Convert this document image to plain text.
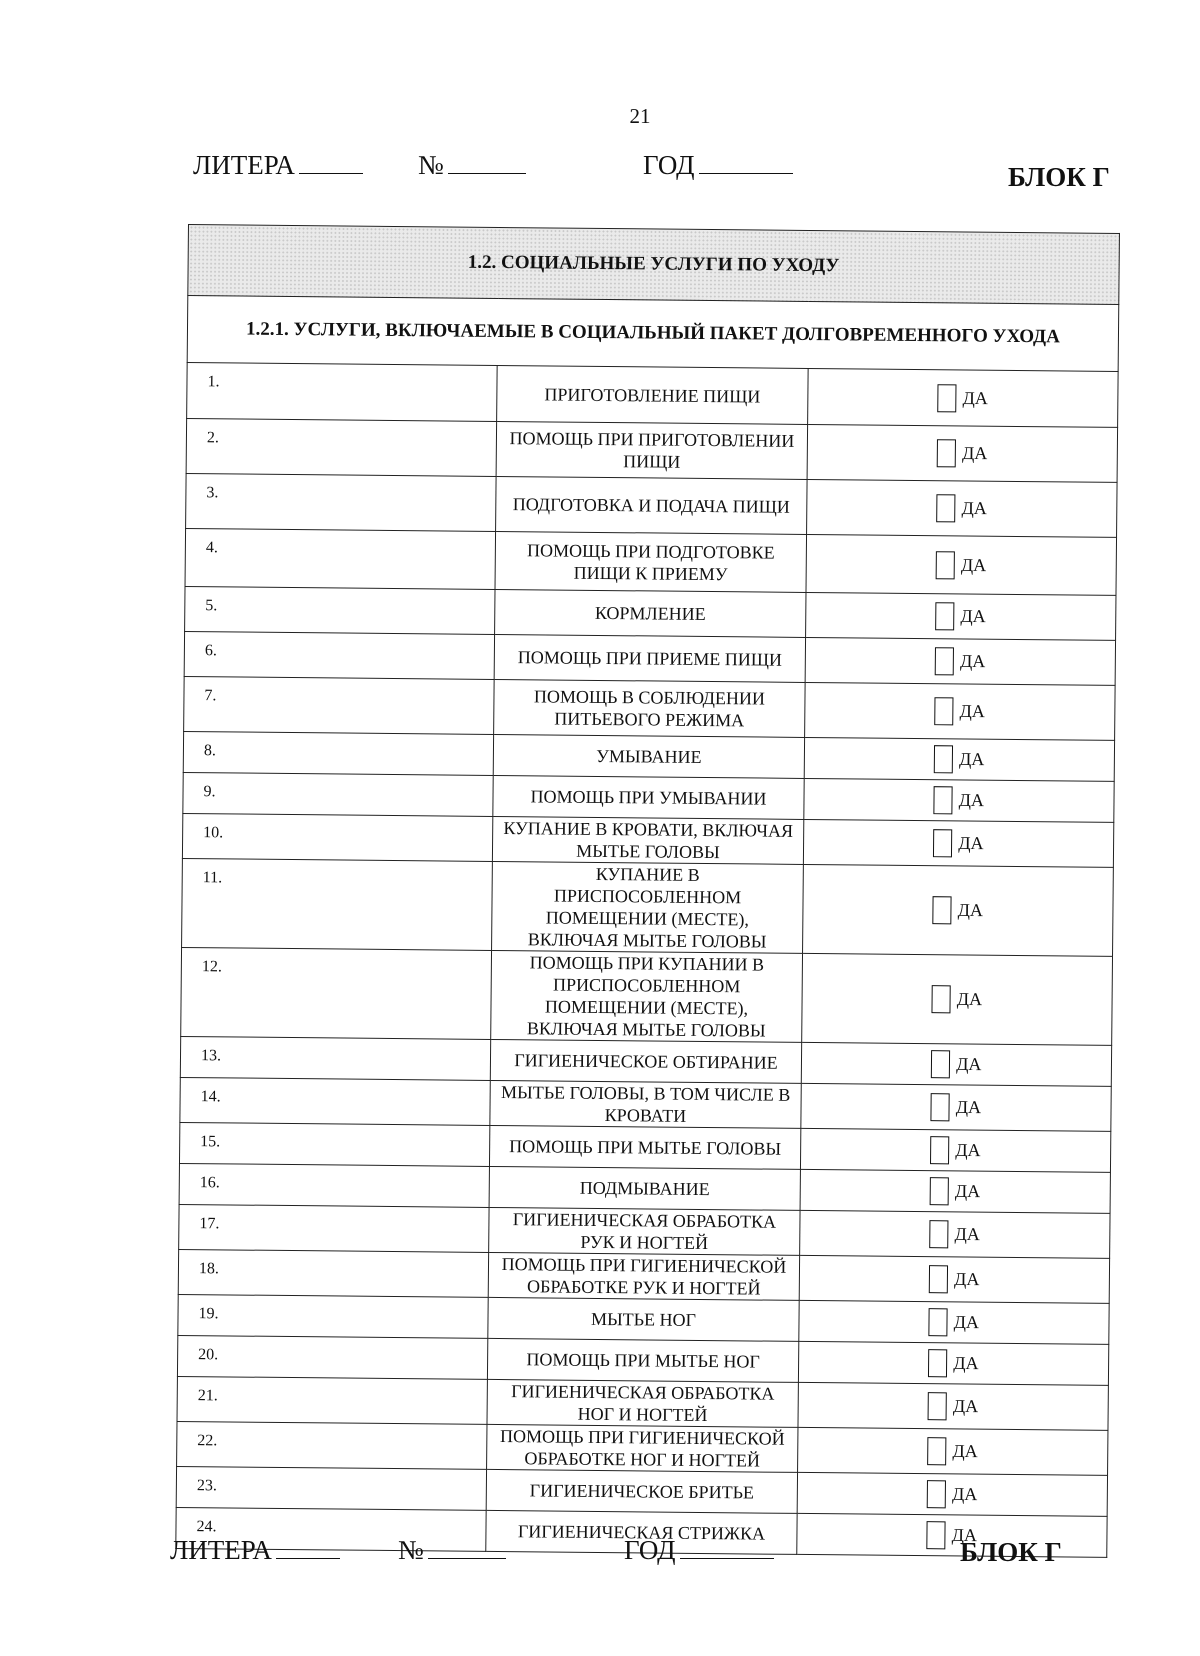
21
ЛИТЕРА	№	ГОД	БЛОК Г
1.2. СОЦИАЛЬНЫЕ УСЛУГИ ПО УХОДУ		
1.2.1. УСЛУГИ, ВКЛЮЧАЕМЫЕ В СОЦИАЛЬНЫЙ ПАКЕТ ДОЛГОВРЕМЕННОГО УХОДА		

1.	ПРИГОТОВЛЕНИЕ ПИЩИ	ДА

2.	ПОМОЩЬ ПРИ ПРИГОТОВЛЕНИИ ПИЩИ	ДА

3.	ПОДГОТОВКА И ПОДАЧА ПИЩИ	ДА

4.	ПОМОЩЬ ПРИ ПОДГОТОВКЕ ПИЩИ К ПРИЕМУ	ДА

5.	КОРМЛЕНИЕ	ДА

6.	ПОМОЩЬ ПРИ ПРИЕМЕ ПИЩИ	ДА

7.	ПОМОЩЬ В СОБЛЮДЕНИИ ПИТЬЕВОГО РЕЖИМА	ДА

8.	УМЫВАНИЕ	ДА

9.	ПОМОЩЬ ПРИ УМЫВАНИИ	ДА

10.	КУПАНИЕ В КРОВАТИ, ВКЛЮЧАЯ МЫТЬЕ ГОЛОВЫ	ДА

11.	КУПАНИЕ В ПРИСПОСОБЛЕННОМ ПОМЕЩЕНИИ (МЕСТЕ), ВКЛЮЧАЯ МЫТЬЕ ГОЛОВЫ	ДА

12.	ПОМОЩЬ ПРИ КУПАНИИ В ПРИСПОСОБЛЕННОМ ПОМЕЩЕНИИ (МЕСТЕ), ВКЛЮЧАЯ МЫТЬЕ ГОЛОВЫ	ДА

13.	ГИГИЕНИЧЕСКОЕ ОБТИРАНИЕ	ДА

14.	МЫТЬЕ ГОЛОВЫ, В ТОМ ЧИСЛЕ В КРОВАТИ	ДА

15.	ПОМОЩЬ ПРИ МЫТЬЕ ГОЛОВЫ	ДА

16.	ПОДМЫВАНИЕ	ДА

17.	ГИГИЕНИЧЕСКАЯ ОБРАБОТКА РУК И НОГТЕЙ	ДА

18.	ПОМОЩЬ ПРИ ГИГИЕНИЧЕСКОЙ ОБРАБОТКЕ РУК И НОГТЕЙ	ДА

19.	МЫТЬЕ НОГ	ДА

20.	ПОМОЩЬ ПРИ МЫТЬЕ НОГ	ДА

21.	ГИГИЕНИЧЕСКАЯ ОБРАБОТКА НОГ И НОГТЕЙ	ДА

22.	ПОМОЩЬ ПРИ ГИГИЕНИЧЕСКОЙ ОБРАБОТКЕ НОГ И НОГТЕЙ	ДА

23.	ГИГИЕНИЧЕСКОЕ БРИТЬЕ	ДА

24.	ГИГИЕНИЧЕСКАЯ СТРИЖКА	ДА
ЛИТЕРА	№	ГОД	БЛОК Г
